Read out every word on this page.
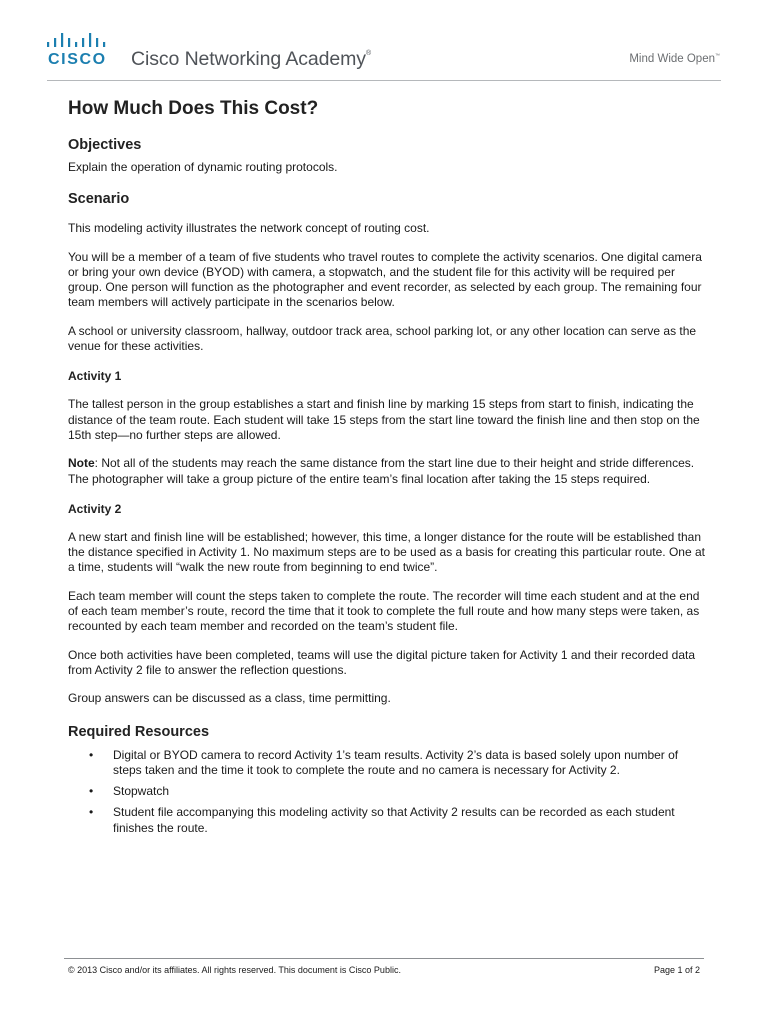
CISCO Cisco Networking Academy®	Mind Wide Open™
How Much Does This Cost?
Objectives

Explain the operation of dynamic routing protocols.

Scenario

This modeling activity illustrates the network concept of routing cost.

You will be a member of a team of five students who travel routes to complete the activity scenarios. One digital camera or bring your own device (BYOD) with camera, a stopwatch, and the student file for this activity will be required per group. One person will function as the photographer and event recorder, as selected by each group. The remaining four team members will actively participate in the scenarios below.

A school or university classroom, hallway, outdoor track area, school parking lot, or any other location can serve as the venue for these activities.

Activity 1

The tallest person in the group establishes a start and finish line by marking 15 steps from start to finish, indicating the distance of the team route. Each student will take 15 steps from the start line toward the finish line and then stop on the 15th step—no further steps are allowed.

Note: Not all of the students may reach the same distance from the start line due to their height and stride differences. The photographer will take a group picture of the entire team’s final location after taking the 15 steps required.

Activity 2

A new start and finish line will be established; however, this time, a longer distance for the route will be established than the distance specified in Activity 1. No maximum steps are to be used as a basis for creating this particular route. One at a time, students will “walk the new route from beginning to end twice”.

Each team member will count the steps taken to complete the route. The recorder will time each student and at the end of each team member’s route, record the time that it took to complete the full route and how many steps were taken, as recounted by each team member and recorded on the team’s student file.

Once both activities have been completed, teams will use the digital picture taken for Activity 1 and their recorded data from Activity 2 file to answer the reflection questions.

Group answers can be discussed as a class, time permitting.

Required Resources
• Digital or BYOD camera to record Activity 1’s team results. Activity 2’s data is based solely upon number of steps taken and the time it took to complete the route and no camera is necessary for Activity 2.
• Stopwatch
• Student file accompanying this modeling activity so that Activity 2 results can be recorded as each student finishes the route.
© 2013 Cisco and/or its affiliates. All rights reserved. This document is Cisco Public.	Page 1 of 2
